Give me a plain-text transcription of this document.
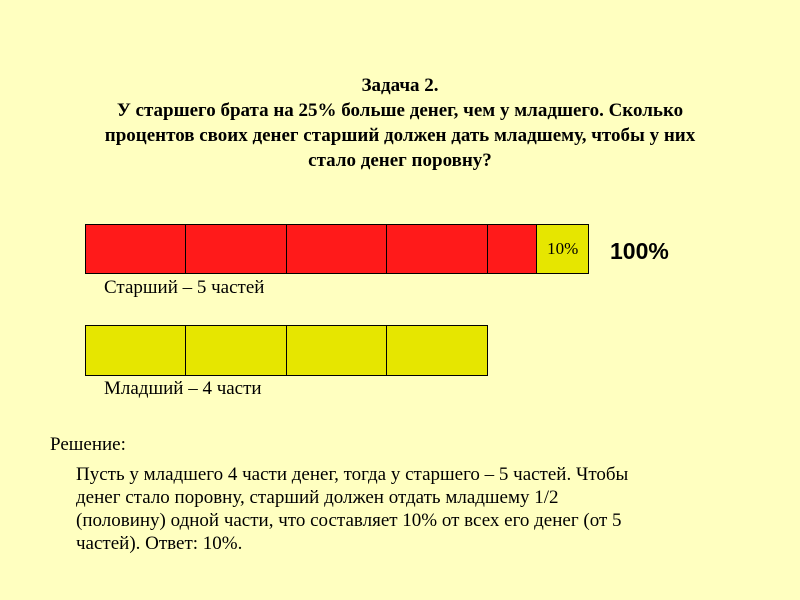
Задача 2.
У старшего брата на 25% больше денег, чем у младшего. Сколько
процентов своих денег старший должен дать младшему, чтобы у них
стало денег поровну?
10% 100%
Старший – 5 частей
Младший – 4 части
Решение:
Пусть у младшего 4 части денег, тогда у старшего – 5 частей. Чтобы
денег стало поровну, старший должен отдать младшему 1/2
(половину) одной части, что составляет 10% от всех его денег (от 5
частей). Ответ: 10%.
